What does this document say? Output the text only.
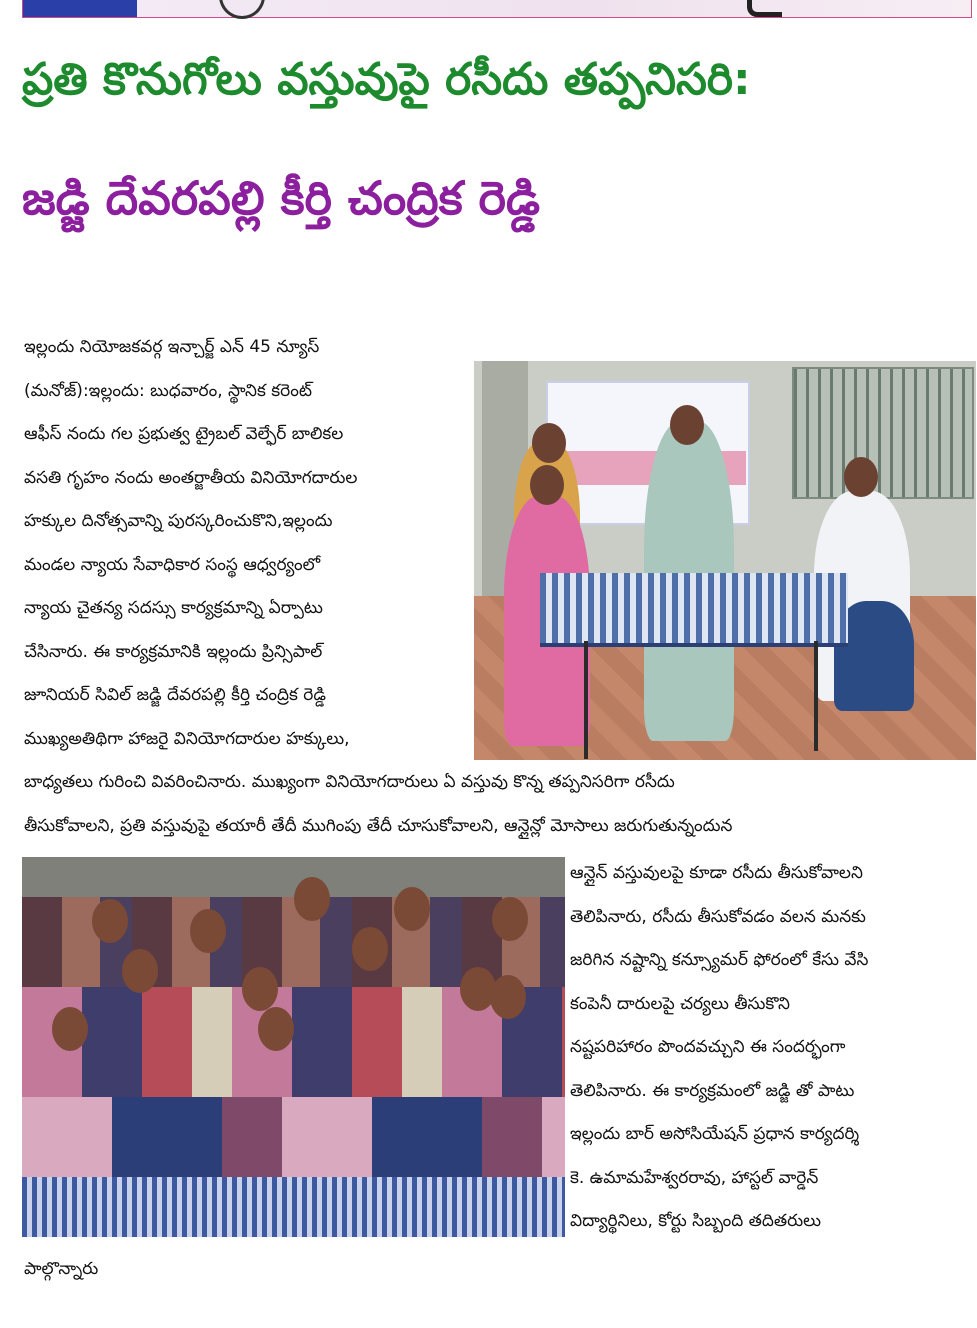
ప్రతి కొనుగోలు వస్తువుపై రసీదు తప్పనిసరి:
జడ్జి దేవరపల్లి కీర్తి చంద్రిక రెడ్డి
ఇల్లందు నియోజకవర్గ ఇన్చార్జ్ ఎన్ 45 న్యూస్
(మనోజ్):ఇల్లందు: బుధవారం, స్థానిక కరెంట్
ఆఫీస్ నందు గల ప్రభుత్వ ట్రైబల్ వెల్ఫేర్ బాలికల
వసతి గృహం నందు అంతర్జాతీయ వినియోగదారుల
హక్కుల దినోత్సవాన్ని పురస్కరించుకొని,ఇల్లందు
మండల న్యాయ సేవాధికార సంస్థ ఆధ్వర్యంలో
న్యాయ చైతన్య సదస్సు కార్యక్రమాన్ని ఏర్పాటు
చేసినారు. ఈ కార్యక్రమానికి ఇల్లందు ప్రిన్సిపాల్
జూనియర్ సివిల్ జడ్జి దేవరపల్లి కీర్తి చంద్రిక రెడ్డి
ముఖ్యఅతిథిగా హాజరై వినియోగదారుల హక్కులు,
బాధ్యతలు గురించి వివరించినారు. ముఖ్యంగా వినియోగదారులు ఏ వస్తువు కొన్న తప్పనిసరిగా రసీదు
తీసుకోవాలని, ప్రతి వస్తువుపై తయారీ తేదీ ముగింపు తేదీ చూసుకోవాలని, ఆన్లైన్లో మోసాలు జరుగుతున్నందున
ఆన్లైన్ వస్తువులపై కూడా రసీదు తీసుకోవాలని
తెలిపినారు, రసీదు తీసుకోవడం వలన మనకు
జరిగిన నష్టాన్ని కన్స్యూమర్ ఫోరంలో కేసు వేసి
కంపెనీ దారులపై చర్యలు తీసుకొని
నష్టపరిహారం పొందవచ్చుని ఈ సందర్భంగా
తెలిపినారు. ఈ కార్యక్రమంలో జడ్జి తో పాటు
ఇల్లందు బార్ అసోసియేషన్ ప్రధాన కార్యదర్శి
కె. ఉమామహేశ్వరరావు, హాస్టల్ వార్డెన్
విద్యార్థినిలు, కోర్టు సిబ్బంది తదితరులు
పాల్గొన్నారు
